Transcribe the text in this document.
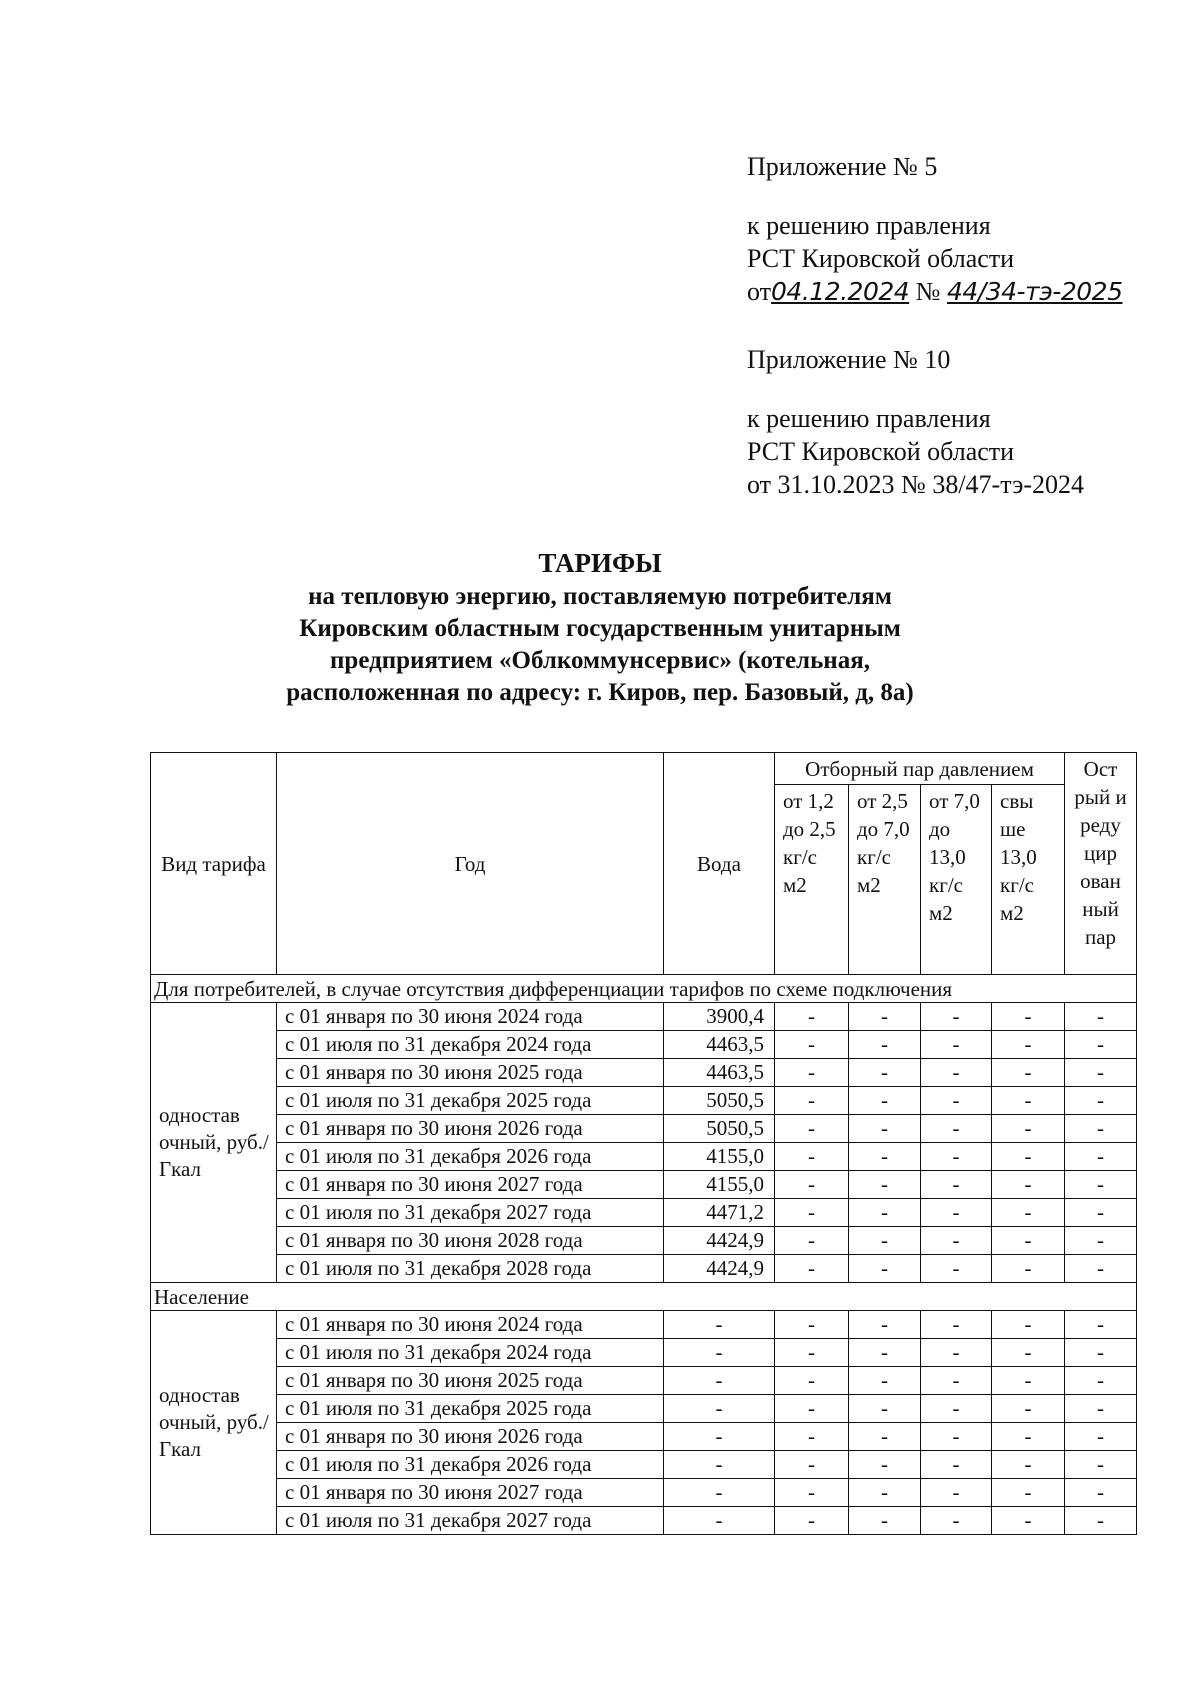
Приложение № 5
к решению правления
РСТ Кировской области
от04.12.2024 № 44/34-тэ-2025
Приложение № 10
к решению правления
РСТ Кировской области
от 31.10.2023 № 38/47-тэ-2024
ТАРИФЫ
на тепловую энергию, поставляемую потребителям
Кировским областным государственным унитарным
предприятием «Облкоммунсервис» (котельная,
расположенная по адресу: г. Киров, пер. Базовый, д, 8а)
Вид тарифа	Год	Вода	Отборный пар давлением				Ост рый и реду цир ован ный пар
			от 1,2 до 2,5 кг/с м2	от 2,5 до 7,0 кг/с м2	от 7,0 до 13,0 кг/с м2	свы ше 13,0 кг/с м2	
Для потребителей, в случае отсутствия дифференциации тарифов по схеме подключения							
одностав очный, руб./Гкал	с 01 января по 30 июня 2024 года	3900,4	-	-	-	-	-
	с 01 июля по 31 декабря 2024 года	4463,5	-	-	-	-	-
	с 01 января по 30 июня 2025 года	4463,5	-	-	-	-	-
	с 01 июля по 31 декабря 2025 года	5050,5	-	-	-	-	-
	с 01 января по 30 июня 2026 года	5050,5	-	-	-	-	-
	с 01 июля по 31 декабря 2026 года	4155,0	-	-	-	-	-
	с 01 января по 30 июня 2027 года	4155,0	-	-	-	-	-
	с 01 июля по 31 декабря 2027 года	4471,2	-	-	-	-	-
	с 01 января по 30 июня 2028 года	4424,9	-	-	-	-	-
	с 01 июля по 31 декабря 2028 года	4424,9	-	-	-	-	-
Население							
одностав очный, руб./Гкал	с 01 января по 30 июня 2024 года	-	-	-	-	-	-
	с 01 июля по 31 декабря 2024 года	-	-	-	-	-	-
	с 01 января по 30 июня 2025 года	-	-	-	-	-	-
	с 01 июля по 31 декабря 2025 года	-	-	-	-	-	-
	с 01 января по 30 июня 2026 года	-	-	-	-	-	-
	с 01 июля по 31 декабря 2026 года	-	-	-	-	-	-
	с 01 января по 30 июня 2027 года	-	-	-	-	-	-
	с 01 июля по 31 декабря 2027 года	-	-	-	-	-	-
